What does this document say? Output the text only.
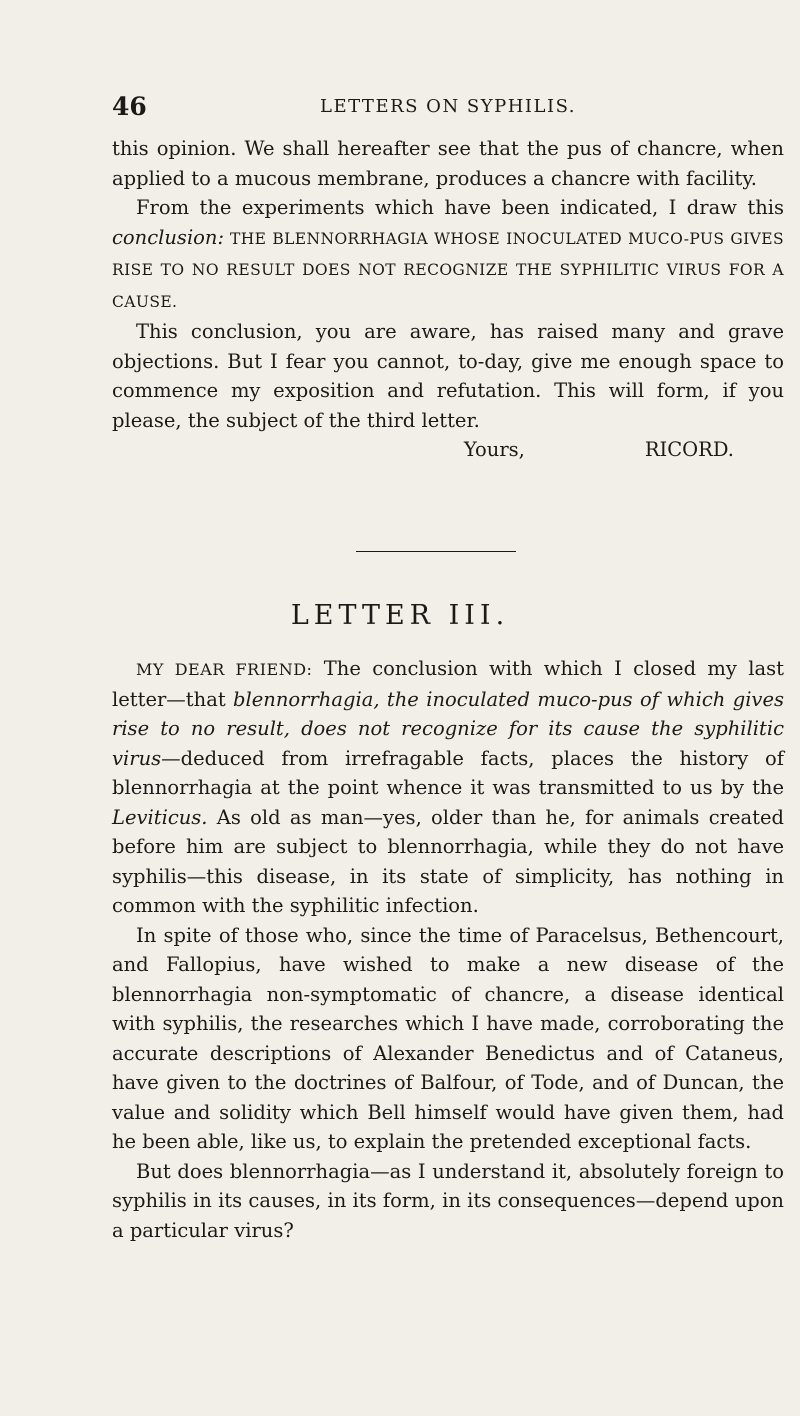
46	LETTERS ON SYPHILIS.

this opinion. We shall hereafter see that the pus of chancre, when applied to a mucous membrane, produces a chancre with facility.

From the experiments which have been indicated, I draw this conclusion: THE BLENNORRHAGIA WHOSE INOCULATED MUCO-PUS GIVES RISE TO NO RESULT DOES NOT RECOGNIZE THE SYPHILITIC VIRUS FOR A CAUSE.

This conclusion, you are aware, has raised many and grave objections. But I fear you cannot, to-day, give me enough space to commence my exposition and refutation. This will form, if you please, the subject of the third letter.

Yours,	RICORD.
LETTER III.

MY DEAR FRIEND: The conclusion with which I closed my last letter—that blennorrhagia, the inoculated muco-pus of which gives rise to no result, does not recognize for its cause the syphilitic virus—deduced from irrefragable facts, places the history of blennorrhagia at the point whence it was transmitted to us by the Leviticus. As old as man—yes, older than he, for animals created before him are subject to blennorrhagia, while they do not have syphilis—this disease, in its state of simplicity, has nothing in common with the syphilitic infection.

In spite of those who, since the time of Paracelsus, Bethencourt, and Fallopius, have wished to make a new disease of the blennorrhagia non-symptomatic of chancre, a disease identical with syphilis, the researches which I have made, corroborating the accurate descriptions of Alexander Benedictus and of Cataneus, have given to the doctrines of Balfour, of Tode, and of Duncan, the value and solidity which Bell himself would have given them, had he been able, like us, to explain the pretended exceptional facts.

But does blennorrhagia—as I understand it, absolutely foreign to syphilis in its causes, in its form, in its consequences—depend upon a particular virus?
